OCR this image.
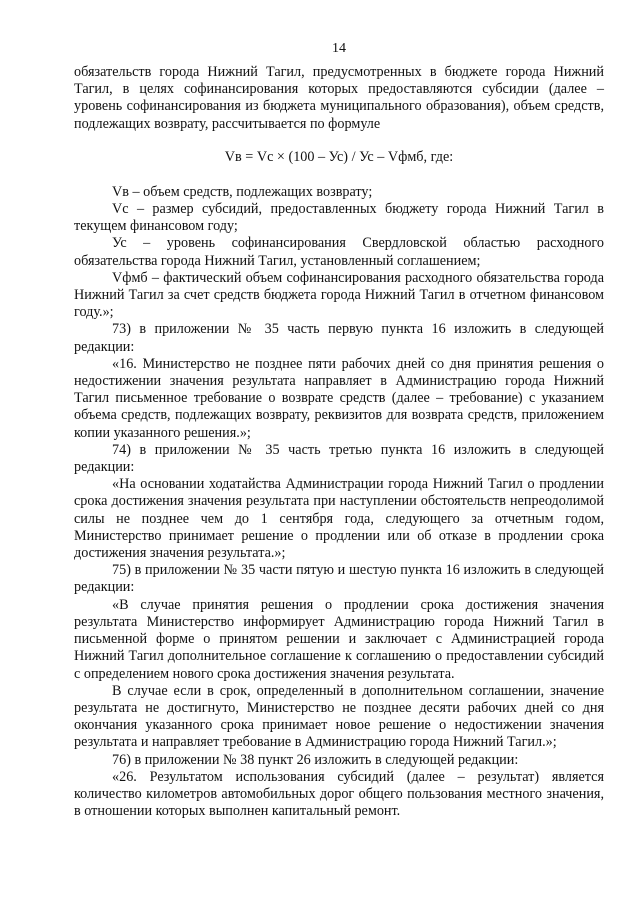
14

обязательств города Нижний Тагил, предусмотренных в бюджете города Нижний Тагил, в целях софинансирования которых предоставляются субсидии (далее – уровень софинансирования из бюджета муниципального образования), объем средств, подлежащих возврату, рассчитывается по формуле

Vв = Vс × (100 – Ус) / Ус – Vфмб, где:

Vв – объем средств, подлежащих возврату;

Vс – размер субсидий, предоставленных бюджету города Нижний Тагил в текущем финансовом году;

Ус – уровень софинансирования Свердловской областью расходного обязательства города Нижний Тагил, установленный соглашением;

Vфмб – фактический объем софинансирования расходного обязательства города Нижний Тагил за счет средств бюджета города Нижний Тагил в отчетном финансовом году.»;

73) в приложении № 35 часть первую пункта 16 изложить в следующей редакции:

«16. Министерство не позднее пяти рабочих дней со дня принятия решения о недостижении значения результата направляет в Администрацию города Нижний Тагил письменное требование о возврате средств (далее – требование) с указанием объема средств, подлежащих возврату, реквизитов для возврата средств, приложением копии указанного решения.»;

74) в приложении № 35 часть третью пункта 16 изложить в следующей редакции:

«На основании ходатайства Администрации города Нижний Тагил о продлении срока достижения значения результата при наступлении обстоятельств непреодолимой силы не позднее чем до 1 сентября года, следующего за отчетным годом, Министерство принимает решение о продлении или об отказе в продлении срока достижения значения результата.»;

75) в приложении № 35 части пятую и шестую пункта 16 изложить в следующей редакции:

«В случае принятия решения о продлении срока достижения значения результата Министерство информирует Администрацию города Нижний Тагил в письменной форме о принятом решении и заключает с Администрацией города Нижний Тагил дополнительное соглашение к соглашению о предоставлении субсидий с определением нового срока достижения значения результата.

В случае если в срок, определенный в дополнительном соглашении, значение результата не достигнуто, Министерство не позднее десяти рабочих дней со дня окончания указанного срока принимает новое решение о недостижении значения результата и направляет требование в Администрацию города Нижний Тагил.»;

76) в приложении № 38 пункт 26 изложить в следующей редакции:

«26. Результатом использования субсидий (далее – результат) является количество километров автомобильных дорог общего пользования местного значения, в отношении которых выполнен капитальный ремонт.
